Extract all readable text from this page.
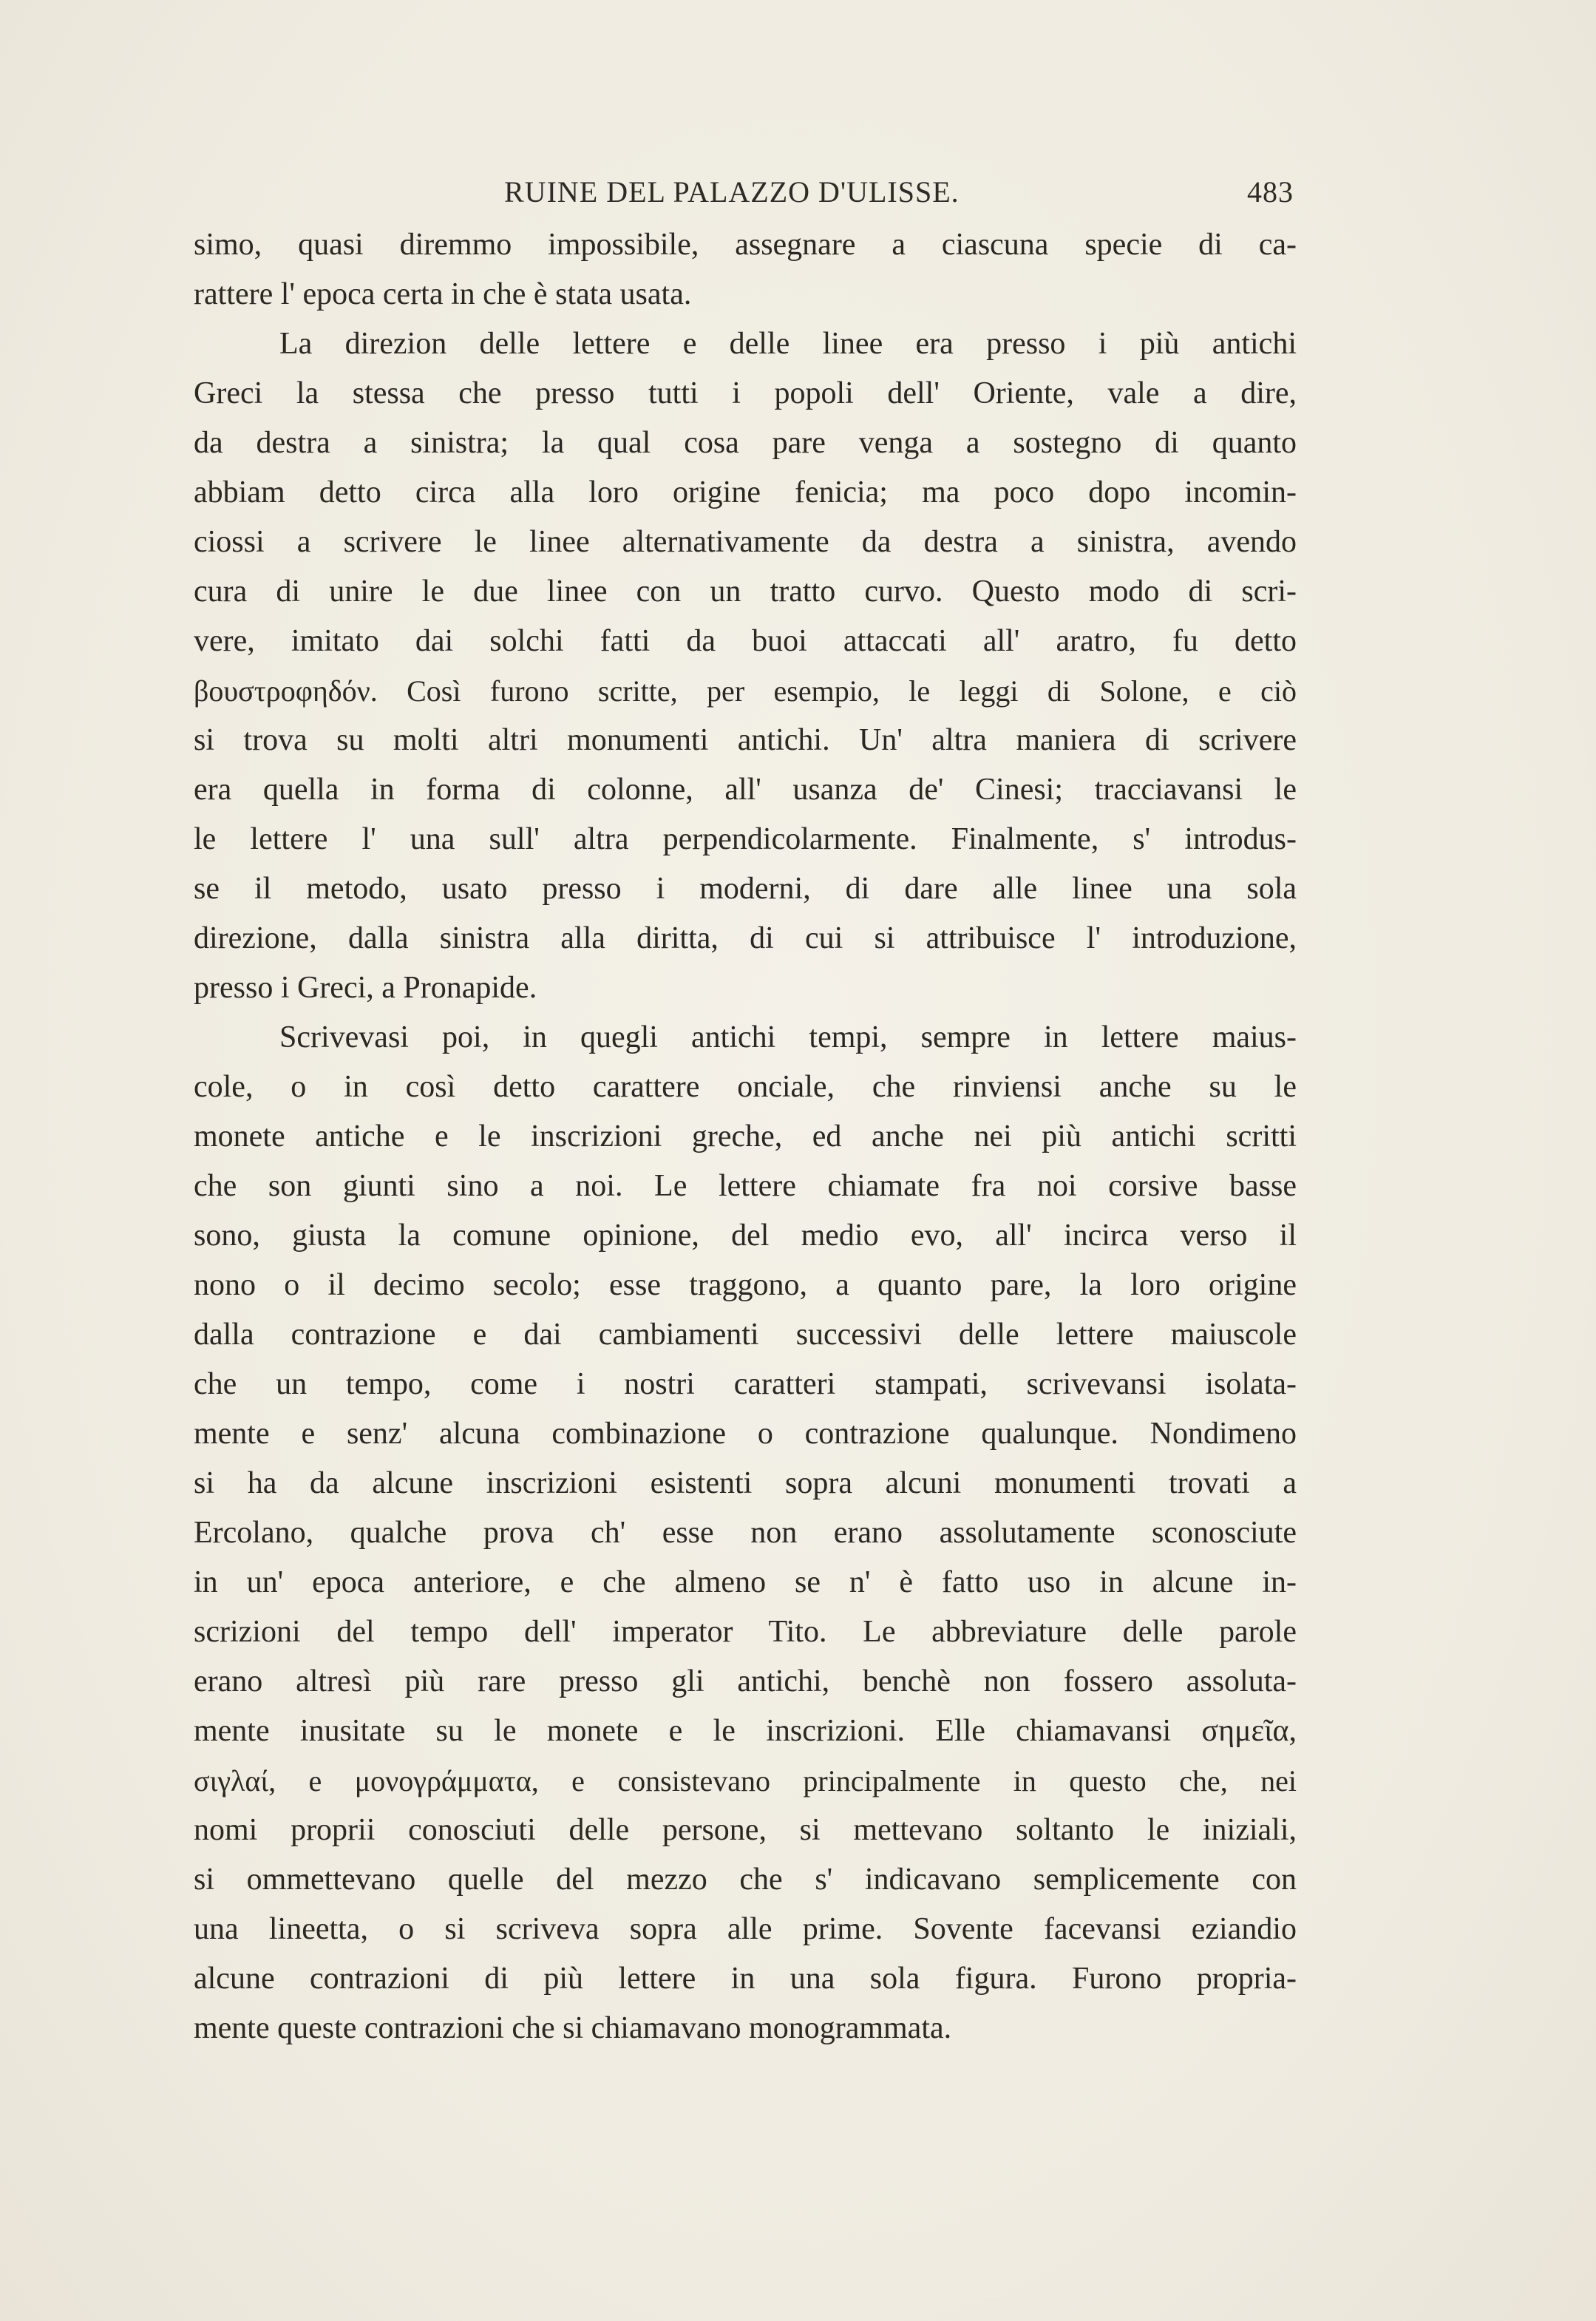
RUINE DEL PALAZZO D'ULISSE.	483
simo, quasi diremmo impossibile, assegnare a ciascuna specie di ca-
rattere l' epoca certa in che è stata usata.
La direzion delle lettere e delle linee era presso i più antichi
Greci la stessa che presso tutti i popoli dell' Oriente, vale a dire,
da destra a sinistra; la qual cosa pare venga a sostegno di quanto
abbiam detto circa alla loro origine fenicia; ma poco dopo incomin-
ciossi a scrivere le linee alternativamente da destra a sinistra, avendo
cura di unire le due linee con un tratto curvo. Questo modo di scri-
vere, imitato dai solchi fatti da buoi attaccati all' aratro, fu detto
βουστροφηδόν. Così furono scritte, per esempio, le leggi di Solone, e ciò
si trova su molti altri monumenti antichi. Un' altra maniera di scrivere
era quella in forma di colonne, all' usanza de' Cinesi; tracciavansi le
le lettere l' una sull' altra perpendicolarmente. Finalmente, s' introdus-
se il metodo, usato presso i moderni, di dare alle linee una sola
direzione, dalla sinistra alla diritta, di cui si attribuisce l' introduzione,
presso i Greci, a Pronapide.
Scrivevasi poi, in quegli antichi tempi, sempre in lettere maius-
cole, o in così detto carattere onciale, che rinviensi anche su le
monete antiche e le inscrizioni greche, ed anche nei più antichi scritti
che son giunti sino a noi. Le lettere chiamate fra noi corsive basse
sono, giusta la comune opinione, del medio evo, all' incirca verso il
nono o il decimo secolo; esse traggono, a quanto pare, la loro origine
dalla contrazione e dai cambiamenti successivi delle lettere maiuscole
che un tempo, come i nostri caratteri stampati, scrivevansi isolata-
mente e senz' alcuna combinazione o contrazione qualunque. Nondimeno
si ha da alcune inscrizioni esistenti sopra alcuni monumenti trovati a
Ercolano, qualche prova ch' esse non erano assolutamente sconosciute
in un' epoca anteriore, e che almeno se n' è fatto uso in alcune in-
scrizioni del tempo dell' imperator Tito. Le abbreviature delle parole
erano altresì più rare presso gli antichi, benchè non fossero assoluta-
mente inusitate su le monete e le inscrizioni. Elle chiamavansi σημεῖα,
σιγλαί, e μονογράμματα, e consistevano principalmente in questo che, nei
nomi proprii conosciuti delle persone, si mettevano soltanto le iniziali,
si ommettevano quelle del mezzo che s' indicavano semplicemente con
una lineetta, o si scriveva sopra alle prime. Sovente facevansi eziandio
alcune contrazioni di più lettere in una sola figura. Furono propria-
mente queste contrazioni che si chiamavano monogrammata.
